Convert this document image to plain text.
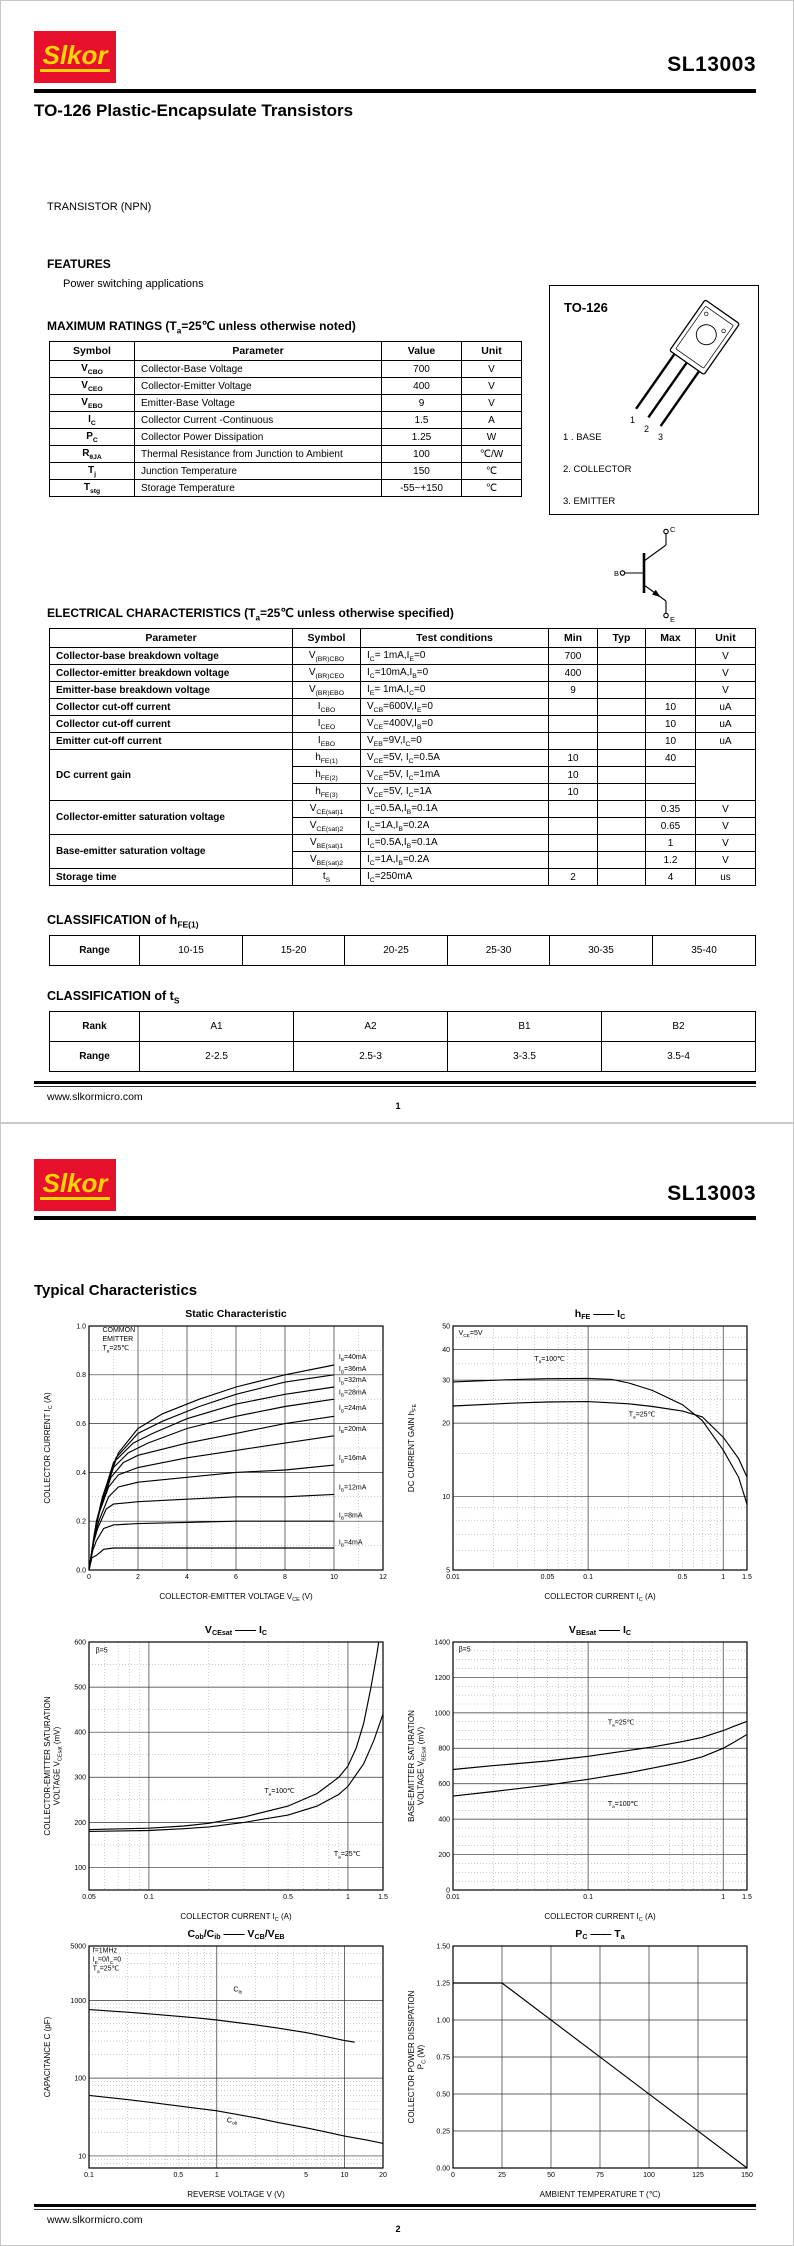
Slkor	SL13003
TO-126 Plastic-Encapsulate Transistors
TRANSISTOR (NPN)
FEATURES
Power switching applications
MAXIMUM RATINGS ($T_a=25℃$ unless otherwise noted)
Symbol	Parameter	Value	Unit
$V_{CBO}$	Collector-Base Voltage	700	V
$V_{CEO}$	Collector-Emitter Voltage	400	V
$V_{EBO}$	Emitter-Base Voltage	9	V
$I_C$	Collector Current -Continuous	1.5	A
$P_C$	Collector Power Dissipation	1.25	W
$R_{\theta JA}$	Thermal Resistance from Junction to Ambient	100	℃/W
$T_j$	Junction Temperature	150	℃
$T_{stg}$	Storage Temperature	-55~+150	℃
TO-126
1
2
3
1 . BASE
2. COLLECTOR
3. EMITTER
C
B
E
ELECTRICAL CHARACTERISTICS ($T_a=25℃$ unless otherwise specified)
Parameter	Symbol	Test conditions	Min	Typ	Max	Unit
Collector-base breakdown voltage	$V_{(BR)CBO}$	$I_C= 1mA,I_E=0$	700			V
Collector-emitter breakdown voltage	$V_{(BR)CEO}$	$I_C=10mA,I_B=0$	400			V
Emitter-base breakdown voltage	$V_{(BR)EBO}$	$I_E= 1mA,I_C=0$	9			V
Collector cut-off current	$I_{CBO}$	$V_{CB}=600V,I_E=0$			10	uA
Collector cut-off current	$I_{CEO}$	$V_{CE}=400V,I_B=0$			10	uA
Emitter cut-off current	$I_{EBO}$	$V_{EB}=9V,I_C=0$			10	uA
DC current gain	$h_{FE(1)}$	$V_{CE}=5V$, $I_C=0.5A$	10		40	
	$h_{FE(2)}$	$V_{CE}=5V$, $I_C=1mA$	10			
	$h_{FE(3)}$	$V_{CE}=5V$, $I_C=1A$	10			
Collector-emitter saturation voltage	$V_{CE(sat)1}$	$I_C=0.5A,I_B=0.1A$			0.35	V
	$V_{CE(sat)2}$	$I_C=1A,I_B=0.2A$			0.65	V
Base-emitter saturation voltage	$V_{BE(sat)1}$	$I_C=0.5A,I_B=0.1A$			1	V
	$V_{BE(sat)2}$	$I_C=1A,I_B=0.2A$			1.2	V
Storage time	$t_S$	$I_C=250mA$	2		4	us
CLASSIFICATION of $h_{FE(1)}$
Range	10-15	15-20	20-25	25-30	30-35	35-40
CLASSIFICATION of $t_S$
Rank	A1	A2	B1	B2
Range	2-2.5	2.5-3	3-3.5	3.5-4
www.slkormicro.com
1
Slkor	SL13003
Typical Characteristics
0	2	4	6	8	10	12
0.0
0.2
0.4
0.6
0.8
1.0
COLLECTOR-EMITTER VOLTAGE $V_{CE}$ (V)
COLLECTOR CURRENT $I_C$ (A)
Static Characteristic
COMMON
EMITTER
$T_a=25℃$
$I_B=40mA$
$I_B=36mA$
$I_B=32mA$
$I_B=28mA$
$I_B=24mA$
$I_B=20mA$
$I_B=16mA$
$I_B=12mA$
$I_B=8mA$
$I_B=4mA$
0.01	0.05	0.1	0.5	1 1.5
5
10
20
30
40
50
COLLECTOR CURRENT $I_C$ (A)
DC CURRENT GAIN $h_{FE}$
$h_{FE}$ —— $I_C$
$V_{CE}=5V$
$T_a=100℃$
$T_a=25℃$
0.05	0.1	0.5	1	1.5
100
200
300
400
500
600
COLLECTOR CURRENT $I_C$ (A)
COLLECTOR-EMITTER SATURATION VOLTAGE $V_{CEsat}$ (mV)
$V_{CEsat}$ —— $I_C$
β=5
$T_a=100℃$
$T_a=25℃$
0.01	0.1	1 1.5
0
200
400
600
800
1000
1200
1400
COLLECTOR CURRENT $I_C$ (A)
BASE-EMITTER SATURATION VOLTAGE $V_{BEsat}$ (mV)
$V_{BEsat}$ —— $I_C$
β=5
$T_a=25℃$
$T_a=100℃$
0.1	0.5	1	5	10	20
10
100
1000
5000
REVERSE VOLTAGE V (V)
CAPACITANCE C (pF)
$C_{ob}/C_{ib}$ —— $V_{CB}/V_{EB}$
f=1MHz
$I_E=0/I_C=0$
$T_a=25℃$
$C_{ib}$
$C_{ob}$
0	25	50	75	100	125	150
0.00
0.25
0.50
0.75
1.00
1.25
1.50
AMBIENT TEMPERATURE T (℃)
COLLECTOR POWER DISSIPATION $P_C$ (W)
$P_C$ —— $T_a$
www.slkormicro.com
2
